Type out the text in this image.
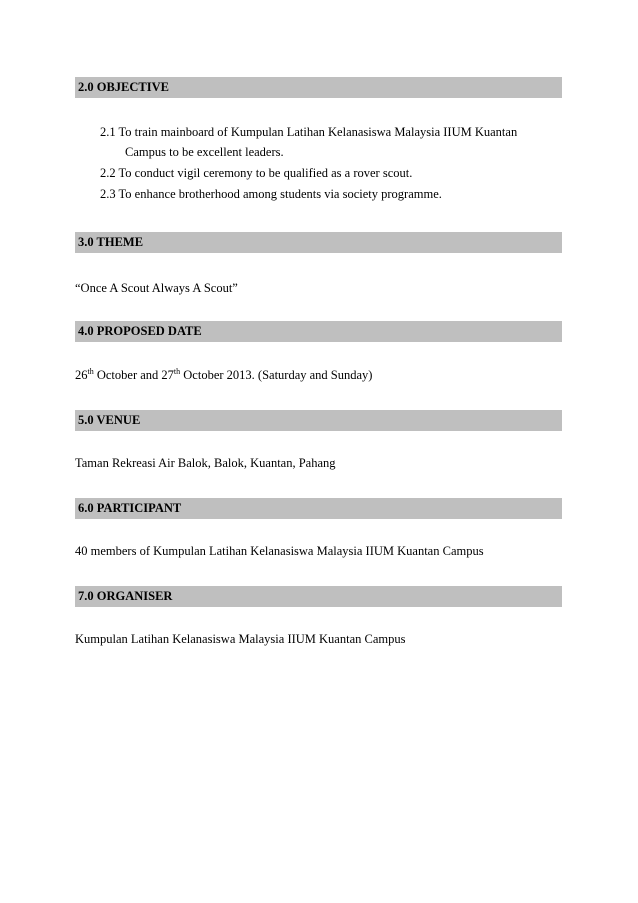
2.0 OBJECTIVE
2.1 To train mainboard of Kumpulan Latihan Kelanasiswa Malaysia IIUM Kuantan
Campus to be excellent leaders.
2.2 To conduct vigil ceremony to be qualified as a rover scout.
2.3 To enhance brotherhood among students via society programme.
3.0 THEME
“Once A Scout Always A Scout”
4.0 PROPOSED DATE
26th October and 27th October 2013. (Saturday and Sunday)
5.0 VENUE
Taman Rekreasi Air Balok, Balok, Kuantan, Pahang
6.0 PARTICIPANT
40 members of Kumpulan Latihan Kelanasiswa Malaysia IIUM Kuantan Campus
7.0 ORGANISER
Kumpulan Latihan Kelanasiswa Malaysia IIUM Kuantan Campus
